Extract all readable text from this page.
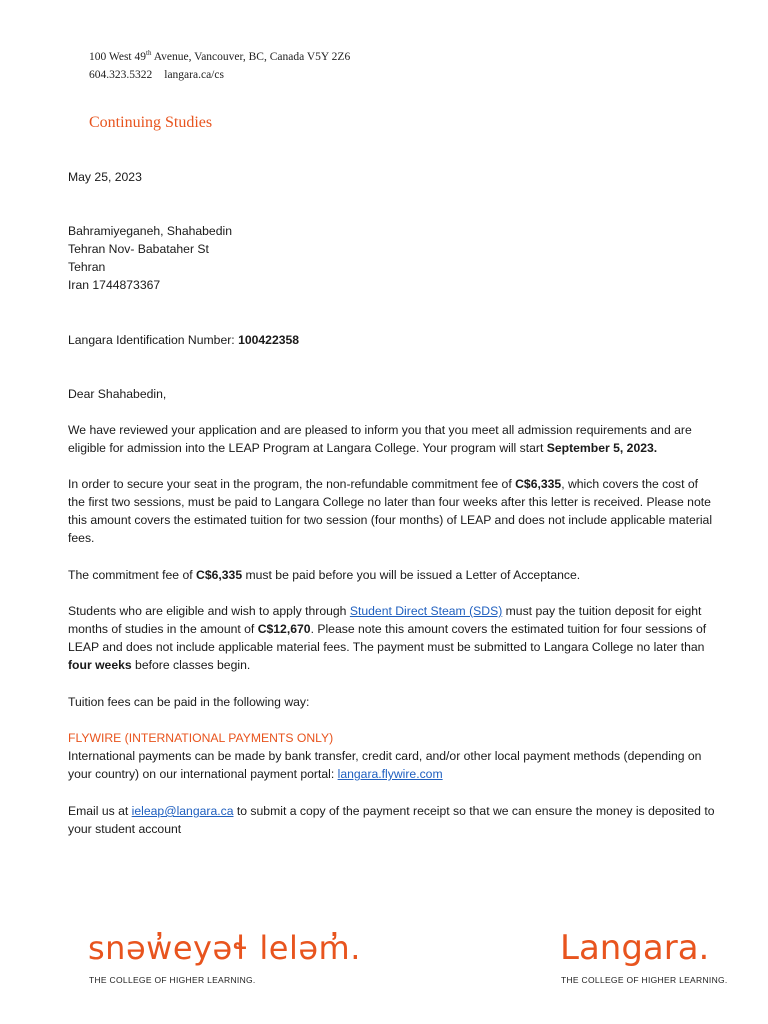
100 West 49th Avenue, Vancouver, BC, Canada V5Y 2Z6
604.323.5322 langara.ca/cs
Continuing Studies

May 25, 2023

Bahramiyeganeh, Shahabedin
Tehran Nov- Babataher St
Tehran
Iran 1744873367

Langara Identification Number: 100422358

Dear Shahabedin,

We have reviewed your application and are pleased to inform you that you meet all admission requirements and are eligible for admission into the LEAP Program at Langara College. Your program will start September 5, 2023.

In order to secure your seat in the program, the non-refundable commitment fee of C$6,335, which covers the cost of the first two sessions, must be paid to Langara College no later than four weeks after this letter is received. Please note this amount covers the estimated tuition for two session (four months) of LEAP and does not include applicable material fees.

The commitment fee of C$6,335 must be paid before you will be issued a Letter of Acceptance.

Students who are eligible and wish to apply through Student Direct Steam (SDS) must pay the tuition deposit for eight months of studies in the amount of C$12,670. Please note this amount covers the estimated tuition for four sessions of LEAP and does not include applicable material fees. The payment must be submitted to Langara College no later than four weeks before classes begin.

Tuition fees can be paid in the following way:

FLYWIRE (INTERNATIONAL PAYMENTS ONLY)

International payments can be made by bank transfer, credit card, and/or other local payment methods (depending on your country) on our international payment portal: langara.flywire.com

Email us at ieleap@langara.ca to submit a copy of the payment receipt so that we can ensure the money is deposited to your student account

snəw̓eyəɬ leləm̓.
THE COLLEGE OF HIGHER LEARNING.
Langara.
THE COLLEGE OF HIGHER LEARNING.
